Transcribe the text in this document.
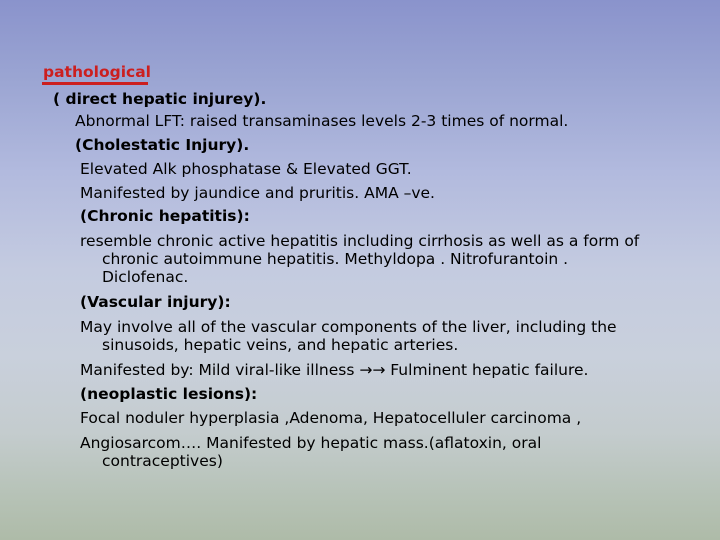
pathological
( direct hepatic injurey).
Abnormal LFT: raised transaminases levels 2-3 times of normal.
(Cholestatic Injury).
Elevated Alk phosphatase & Elevated GGT.
Manifested by jaundice and pruritis. AMA –ve.
(Chronic hepatitis):
resemble chronic active hepatitis including cirrhosis as well as a form of
chronic autoimmune hepatitis. Methyldopa . Nitrofurantoin .
Diclofenac.
(Vascular injury):
May involve all of the vascular components of the liver, including the
sinusoids, hepatic veins, and hepatic arteries.
Manifested by: Mild viral-like illness →→ Fulminent hepatic failure.
(neoplastic lesions):
Focal noduler hyperplasia ,Adenoma, Hepatocelluler carcinoma ,
Angiosarcom…. Manifested by hepatic mass.(aflatoxin, oral
contraceptives)
